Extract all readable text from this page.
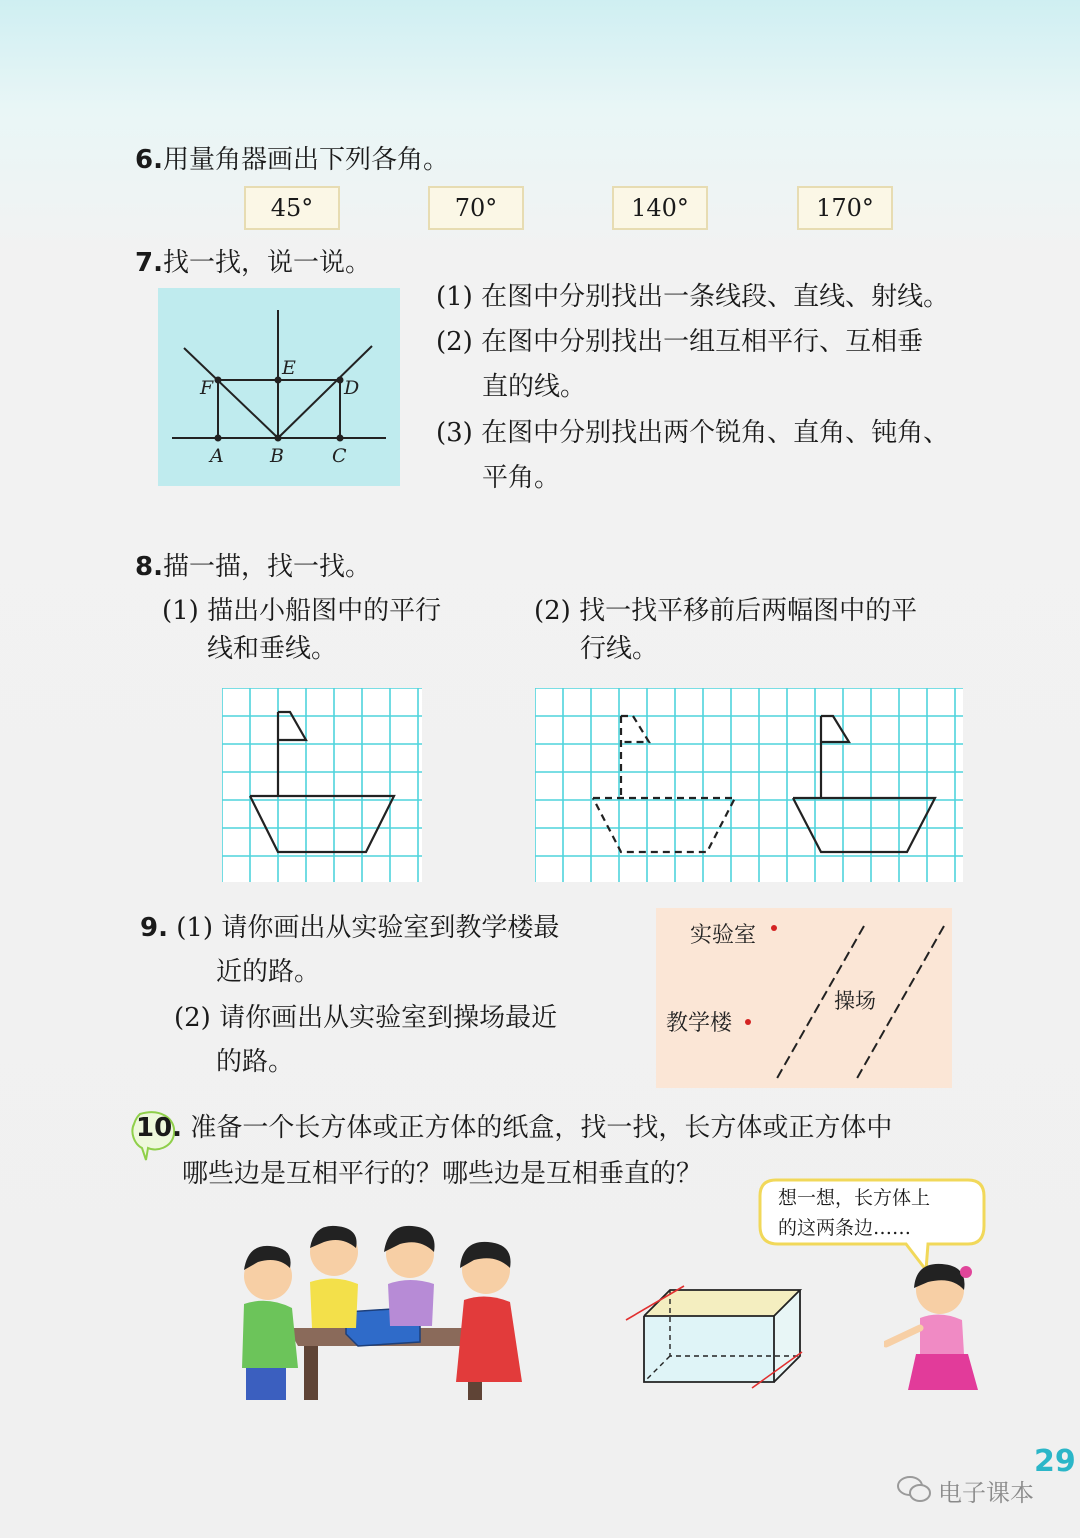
6.用量角器画出下列各角。
45°	70°	140°	170°
7.找一找，说一说。
A B	C
D
E
F
(1) 在图中分别找出一条线段、直线、射线。
(2) 在图中分别找出一组互相平行、互相垂
直的线。
(3) 在图中分别找出两个锐角、直角、钝角、
平角。
8.描一描，找一找。
(1) 描出小船图中的平行
线和垂线。
(2) 找一找平移前后两幅图中的平
行线。
9. (1) 请你画出从实验室到教学楼最
近的路。
(2) 请你画出从实验室到操场最近
的路。
实验室
教学楼
操场
10. 准备一个长方体或正方体的纸盒，找一找，长方体或正方体中
哪些边是互相平行的？哪些边是互相垂直的？
想一想，长方体上
的这两条边……
29
电子课本
